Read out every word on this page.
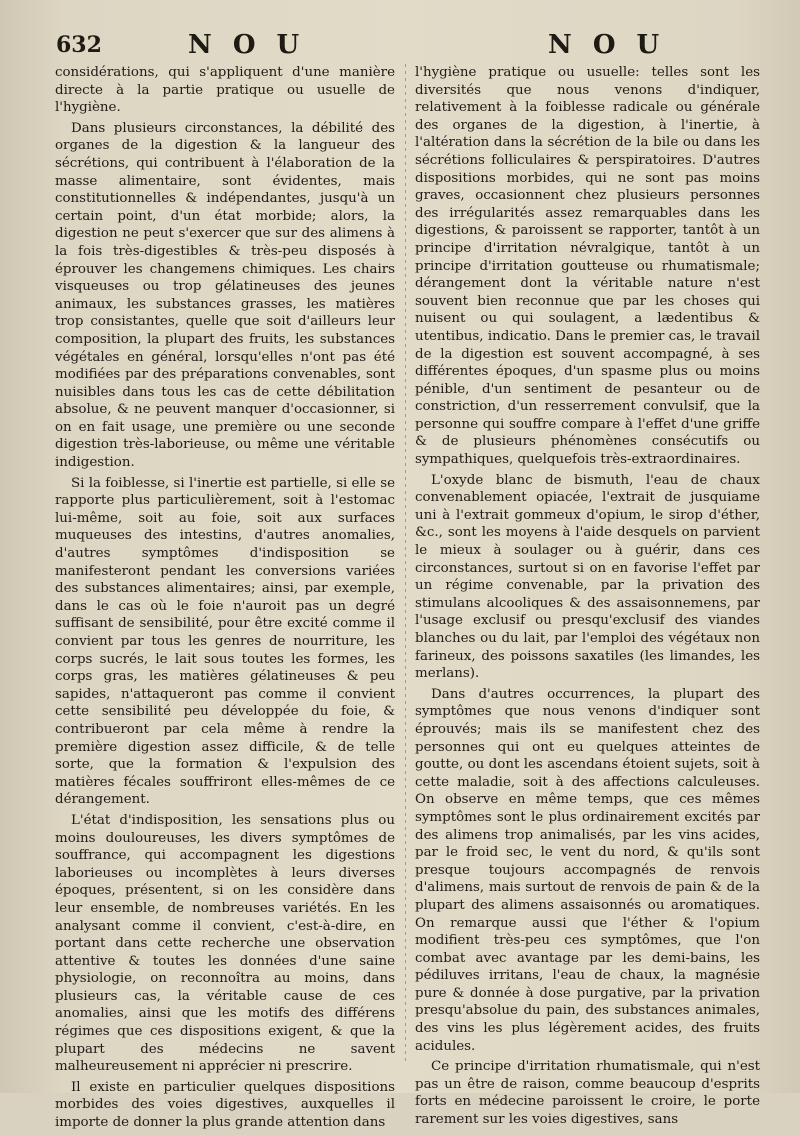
632	N O U	N O U

considérations, qui s'appliquent d'une manière directe à la partie pratique ou usuelle de l'hygiène.

Dans plusieurs circonstances, la débilité des organes de la digestion & la langueur des sécrétions, qui contribuent à l'élaboration de la masse alimentaire, sont évidentes, mais constitutionnelles & indépendantes, jusqu'à un certain point, d'un état morbide; alors, la digestion ne peut s'exercer que sur des alimens à la fois très-digestibles & très-peu disposés à éprouver les changemens chimiques. Les chairs visqueuses ou trop gélatineuses des jeunes animaux, les substances grasses, les matières trop consistantes, quelle que soit d'ailleurs leur composition, la plupart des fruits, les substances végétales en général, lorsqu'elles n'ont pas été modifiées par des préparations convenables, sont nuisibles dans tous les cas de cette débilitation absolue, & ne peuvent manquer d'occasionner, si on en fait usage, une première ou une seconde digestion très-laborieuse, ou même une véritable indigestion.

Si la foiblesse, si l'inertie est partielle, si elle se rapporte plus particulièrement, soit à l'estomac lui-même, soit au foie, soit aux surfaces muqueuses des intestins, d'autres anomalies, d'autres symptômes d'indisposition se manifesteront pendant les conversions variées des substances alimentaires; ainsi, par exemple, dans le cas où le foie n'auroit pas un degré suffisant de sensibilité, pour être excité comme il convient par tous les genres de nourriture, les corps sucrés, le lait sous toutes les formes, les corps gras, les matières gélatineuses & peu sapides, n'attaqueront pas comme il convient cette sensibilité peu développée du foie, & contribueront par cela même à rendre la première digestion assez difficile, & de telle sorte, que la formation & l'expulsion des matières fécales souffriront elles-mêmes de ce dérangement.

L'état d'indisposition, les sensations plus ou moins douloureuses, les divers symptômes de souffrance, qui accompagnent les digestions laborieuses ou incomplètes à leurs diverses époques, présentent, si on les considère dans leur ensemble, de nombreuses variétés. En les analysant comme il convient, c'est-à-dire, en portant dans cette recherche une observation attentive & toutes les données d'une saine physiologie, on reconnoîtra au moins, dans plusieurs cas, la véritable cause de ces anomalies, ainsi que les motifs des différens régimes que ces dispositions exigent, & que la plupart des médecins ne savent malheureusement ni apprécier ni prescrire.

Il existe en particulier quelques dispositions morbides des voies digestives, auxquelles il importe de donner la plus grande attention dans

l'hygiène pratique ou usuelle: telles sont les diversités que nous venons d'indiquer, relativement à la foiblesse radicale ou générale des organes de la digestion, à l'inertie, à l'altération dans la sécrétion de la bile ou dans les sécrétions folliculaires & perspiratoires. D'autres dispositions morbides, qui ne sont pas moins graves, occasionnent chez plusieurs personnes des irrégularités assez remarquables dans les digestions, & paroissent se rapporter, tantôt à un principe d'irritation névralgique, tantôt à un principe d'irritation goutteuse ou rhumatismale; dérangement dont la véritable nature n'est souvent bien reconnue que par les choses qui nuisent ou qui soulagent, a lædentibus & utentibus, indicatio. Dans le premier cas, le travail de la digestion est souvent accompagné, à ses différentes époques, d'un spasme plus ou moins pénible, d'un sentiment de pesanteur ou de constriction, d'un resserrement convulsif, que la personne qui souffre compare à l'effet d'une griffe & de plusieurs phénomènes consécutifs ou sympathiques, quelquefois très-extraordinaires.

L'oxyde blanc de bismuth, l'eau de chaux convenablement opiacée, l'extrait de jusquiame uni à l'extrait gommeux d'opium, le sirop d'éther, &c., sont les moyens à l'aide desquels on parvient le mieux à soulager ou à guérir, dans ces circonstances, surtout si on en favorise l'effet par un régime convenable, par la privation des stimulans alcooliques & des assaisonnemens, par l'usage exclusif ou presqu'exclusif des viandes blanches ou du lait, par l'emploi des végétaux non farineux, des poissons saxatiles (les limandes, les merlans).

Dans d'autres occurrences, la plupart des symptômes que nous venons d'indiquer sont éprouvés; mais ils se manifestent chez des personnes qui ont eu quelques atteintes de goutte, ou dont les ascendans étoient sujets, soit à cette maladie, soit à des affections calculeuses. On observe en même temps, que ces mêmes symptômes sont le plus ordinairement excités par des alimens trop animalisés, par les vins acides, par le froid sec, le vent du nord, & qu'ils sont presque toujours accompagnés de renvois d'alimens, mais surtout de renvois de pain & de la plupart des alimens assaisonnés ou aromatiques. On remarque aussi que l'éther & l'opium modifient très-peu ces symptômes, que l'on combat avec avantage par les demi-bains, les pédiluves irritans, l'eau de chaux, la magnésie pure & donnée à dose purgative, par la privation presqu'absolue du pain, des substances animales, des vins les plus légèrement acides, des fruits acidules.

Ce principe d'irritation rhumatismale, qui n'est pas un être de raison, comme beaucoup d'esprits forts en médecine paroissent le croire, le porte rarement sur les voies digestives, sans
